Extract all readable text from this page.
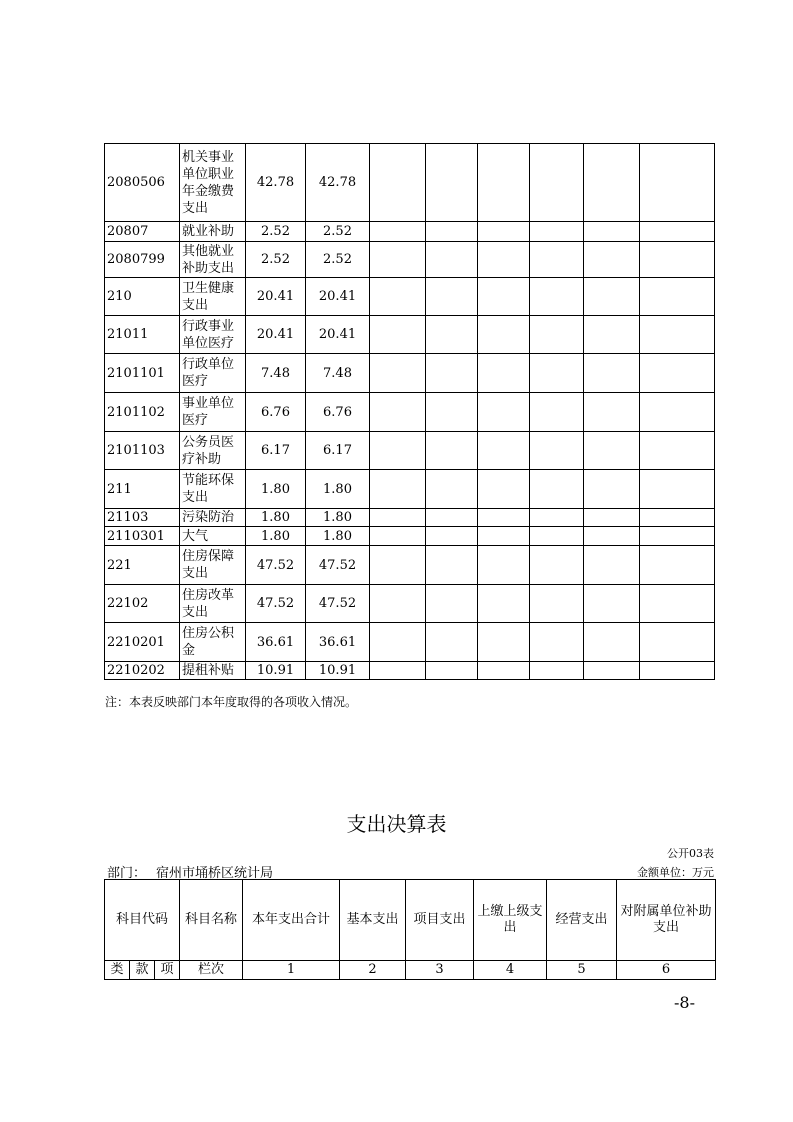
2080506	机关事业单位职业年金缴费支出	42.78	42.78						
20807	就业补助	2.52	2.52						
2080799	其他就业补助支出	2.52	2.52						
210	卫生健康支出	20.41	20.41						
21011	行政事业单位医疗	20.41	20.41						
2101101	行政单位医疗	7.48	7.48						
2101102	事业单位医疗	6.76	6.76						
2101103	公务员医疗补助	6.17	6.17						
211	节能环保支出	1.80	1.80						
21103	污染防治	1.80	1.80						
2110301	大气	1.80	1.80						
221	住房保障支出	47.52	47.52						
22102	住房改革支出	47.52	47.52						
2210201	住房公积金	36.61	36.61						
2210202	提租补贴	10.91	10.91						
注：本表反映部门本年度取得的各项收入情况。
支出决算表
公开03表
部门： 宿州市埇桥区统计局	金额单位：万元
科目代码			科目名称	本年支出合计	基本支出	项目支出	上缴上级支出	经营支出	对附属单位补助支出
类	款	项	栏次	1	2	3	4	5	6
-8-
